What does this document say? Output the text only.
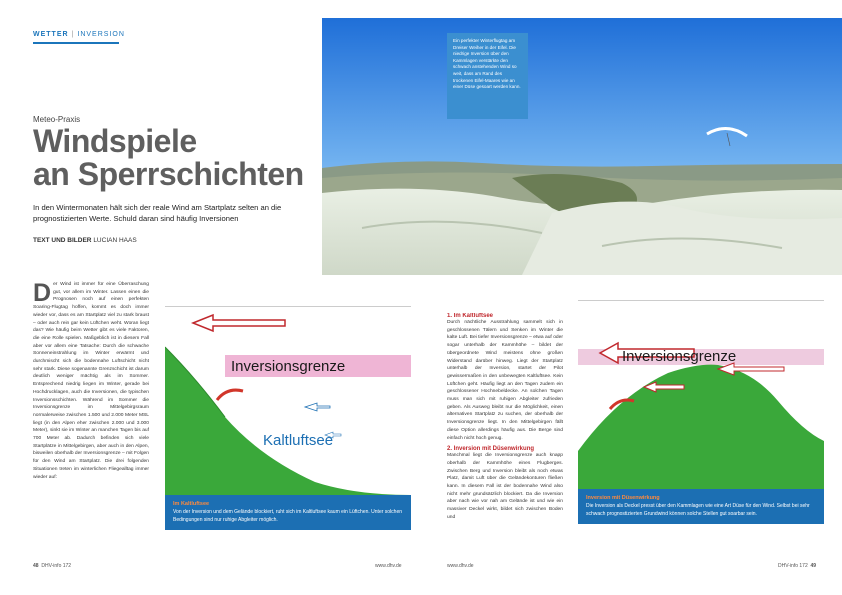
WETTER | INVERSION
Meteo-Praxis
Windspiele
an Sperrschichten
In den Wintermonaten hält sich der reale Wind am Startplatz selten an die prognostizierten Werte. Schuld daran sind häufig Inversionen
TEXT UND BILDER LUCIAN HAAS
Der Wind ist immer für eine Überraschung gut, vor allem im Winter. Lassen einen die Prognosen noch auf einen perfekten Soaring-Flugtag hoffen, kommt es doch immer wieder vor, dass es am Startplatz viel zu stark braust – oder auch rein gar kein Lüftchen weht. Woran liegt das? Wie häufig beim Wetter gibt es viele Faktoren, die eine Rolle spielen. Maßgeblich ist in diesem Fall aber vor allem eine Tatsache: Durch die schwache Sonneneinstrahlung im Winter erwärmt und durchmischt sich die bodennahe Luftschicht nicht sehr stark. Diese sogenannte Grenzschicht ist darum deutlich weniger mächtig als im Sommer. Entsprechend niedrig liegen im Winter, gerade bei Hochdrucklagen, auch die Inversionen, die typischen Inversionsschichten. Während im Sommer die Inversionsgrenze im Mittelgebirgsraum normalerweise zwischen 1.500 und 2.000 Meter MSL liegt (in den Alpen eher zwischen 2.000 und 3.000 Meter), sinkt sie im Winter an manchen Tagen bis auf 700 Meter ab. Dadurch befinden sich viele Startplätze in Mittelgebirgen, aber auch in den Alpen, bisweilen oberhalb der Inversionsgrenze – mit Folgen für den Wind am Startplatz. Die drei folgenden Situationen treten im winterlichen Fliegealltag immer wieder auf:
Ein perfekter Winterflugtag am Dreiser Weiher in der Eifel. Die niedrige Inversion über den Kammlagen verstärkte den schwach anstehenden Wind so weit, dass am Rand des trockenen Eifel-Maares wie an einer Düse gesoart werden kann.
Inversionsgrenze
Kaltluftsee
Im Kaltluftsee
Von der Inversion und dem Gelände blockiert, ruht sich im Kaltluftsee kaum ein Lüftchen. Unter solchen Bedingungen sind nur ruhige Abgleiter möglich.
1. Im Kaltluftsee
Durch nächtliche Ausstrahlung sammelt sich in geschlossenen Tälern und Senken im Winter die kalte Luft. Bei tiefer Inversionsgrenze – etwa auf oder sogar unterhalb der Kammhöhe – bildet der übergeordnete Wind meistens ohne großen Widerstand darüber hinweg. Liegt der Startplatz unterhalb der Inversion, startet der Pilot gewissermaßen in den unbewegten Kaltluftsee. Kein Lüftchen geht. Häufig liegt an den Tagen zudem ein geschlossener Hochnebeldecke. An solchen Tagen muss man sich mit ruhigen Abgleiter zufrieden geben. Als Ausweg bleibt nur die Möglichkeit, einen alternativen Startplatz zu suchen, der oberhalb der Inversionsgrenze liegt. In den Mittelgebirgen fällt diese Option allerdings häufig aus. Die Berge sind einfach nicht hoch genug.
2. Inversion mit Düsenwirkung
Manchmal liegt die Inversionsgrenze auch knapp oberhalb der Kammhöhe eines Flugberges. Zwischen Berg und Inversion bleibt als noch etwas Platz, damit Luft über die Geländekonturen fließen kann. In diesem Fall ist der bodennahe Wind also nicht mehr grundsätzlich blockiert. Da die Inversion aber nach wie vor nah am Gelände ist und wie ein massiver Deckel wirkt, bildet sich zwischen Boden und
Inversionsgrenze
Inversion mit Düsenwirkung
Die Inversion als Deckel presst über den Kammlagen wie eine Art Düse für den Wind. Selbst bei sehr schwach prognostizierten Grundwind können solche Stellen gut soarbar sein.
48 DHV-info 172	www.dhv.de	www.dhv.de	DHV-info 172 49
